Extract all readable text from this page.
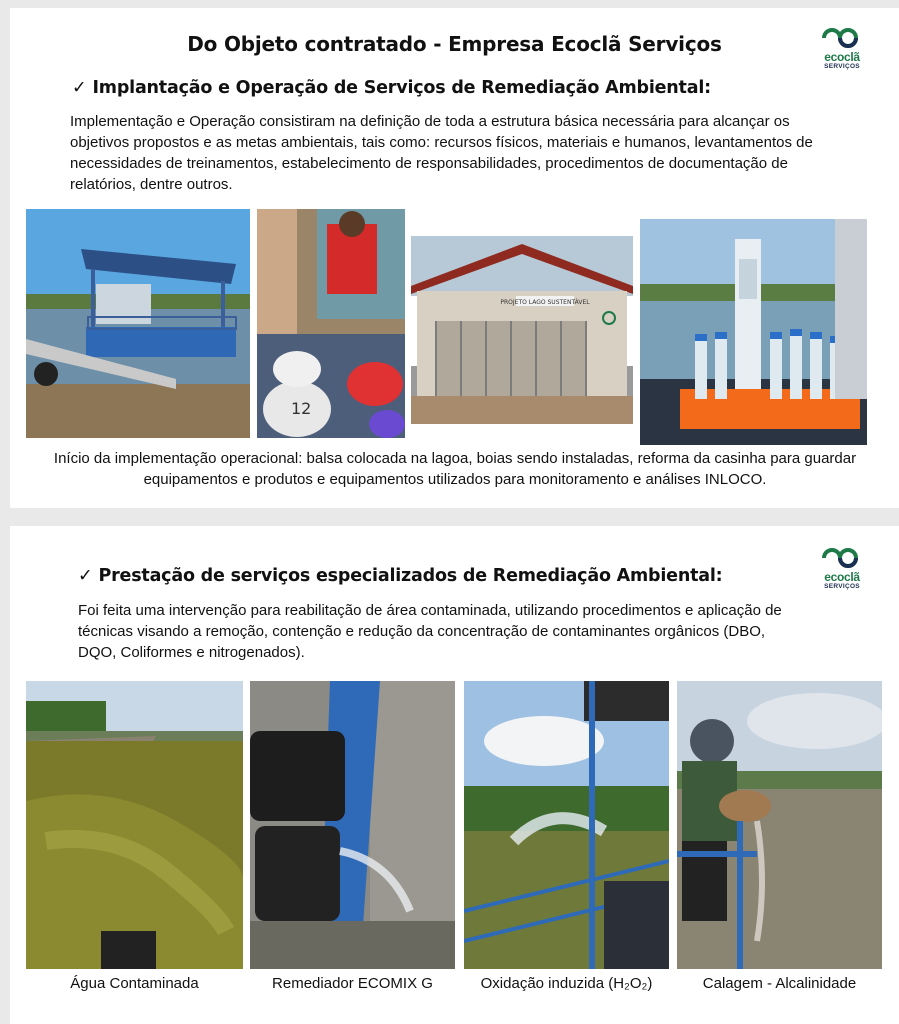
Do Objeto contratado - Empresa Ecoclã Serviços
ecoclã
SERVIÇOS
✓ Implantação e Operação de Serviços de Remediação Ambiental:
Implementação e Operação consistiram na definição de toda a estrutura básica necessária para alcançar os objetivos propostos e as metas ambientais, tais como: recursos físicos, materiais e humanos, levantamentos de necessidades de treinamentos, estabelecimento de responsabilidades, procedimentos de documentação de relatórios, dentre outros.
12
PROJETO LAGO SUSTENTÁVEL
Início da implementação operacional: balsa colocada na lagoa, boias sendo instaladas, reforma da casinha para guardar equipamentos e produtos e equipamentos utilizados para monitoramento e análises INLOCO.
ecoclã
SERVIÇOS
✓ Prestação de serviços especializados de Remediação Ambiental:
Foi feita uma intervenção para reabilitação de área contaminada, utilizando procedimentos e aplicação de técnicas visando a remoção, contenção e redução da concentração de contaminantes orgânicos (DBO, DQO, Coliformes e nitrogenados).
Água Contaminada	Remediador ECOMIX G	Oxidação induzida (H₂O₂)	Calagem - Alcalinidade
